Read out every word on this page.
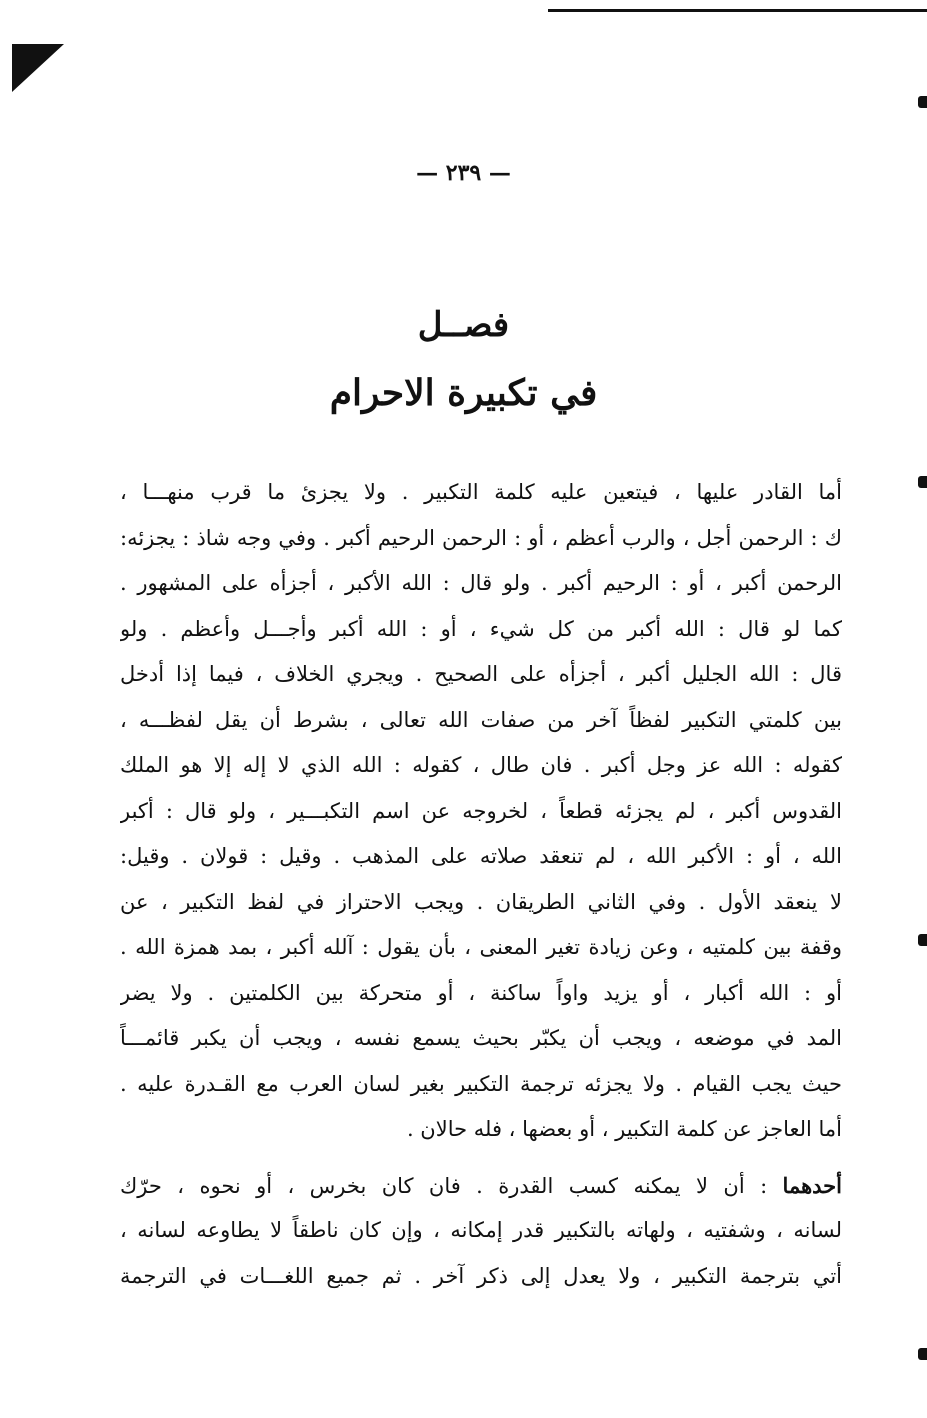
— ٢٣٩ —
فصــل
في تكبيرة الاحرام
أما القادر عليها ، فيتعين عليه كلمة التكبير . ولا يجزئ ما قرب منهـــا ،
ك : الرحمن أجل ، والرب أعظم ، أو : الرحمن الرحيم أكبر . وفي وجه شاذ : يجزئه:
الرحمن أكبر ، أو : الرحيم أكبر . ولو قال : الله الأكبر ، أجزأه على المشهور .
كما لو قال : الله أكبر من كل شيء ، أو : الله أكبر وأجـــل وأعظم . ولو
قال : الله الجليل أكبر ، أجزأه على الصحيح . ويجري الخلاف ، فيما إذا أدخل
بين كلمتي التكبير لفظاً آخر من صفات الله تعالى ، بشرط أن يقل لفظـــه ،
كقوله : الله عز وجل أكبر . فان طال ، كقوله : الله الذي لا إله إلا هو الملك
القدوس أكبر ، لم يجزئه قطعاً ، لخروجه عن اسم التكبـــير ، ولو قال : أكبر
الله ، أو : الأكبر الله ، لم تنعقد صلاته على المذهب . وقيل : قولان . وقيل:
لا ينعقد الأول . وفي الثاني الطريقان . ويجب الاحتراز في لفظ التكبير ، عن
وقفة بين كلمتيه ، وعن زيادة تغير المعنى ، بأن يقول : آلله أكبر ، بمد همزة الله .
أو : الله أكبار ، أو يزيد واواً ساكنة ، أو متحركة بين الكلمتين . ولا يضر
المد في موضعه ، ويجب أن يكبّر بحيث يسمع نفسه ، ويجب أن يكبر قائمـــاً
حيث يجب القيام . ولا يجزئه ترجمة التكبير بغير لسان العرب مع القـدرة عليه .
أما العاجز عن كلمة التكبير ، أو بعضها ، فله حالان .
أحدهما : أن لا يمكنه كسب القدرة . فان كان بخرس ، أو نحوه ، حرّك
لسانه ، وشفتيه ، ولهاته بالتكبير قدر إمكانه ، وإن كان ناطقاً لا يطاوعه لسانه ،
أتي بترجمة التكبير ، ولا يعدل إلى ذكر آخر . ثم جميع اللغـــات في الترجمة
